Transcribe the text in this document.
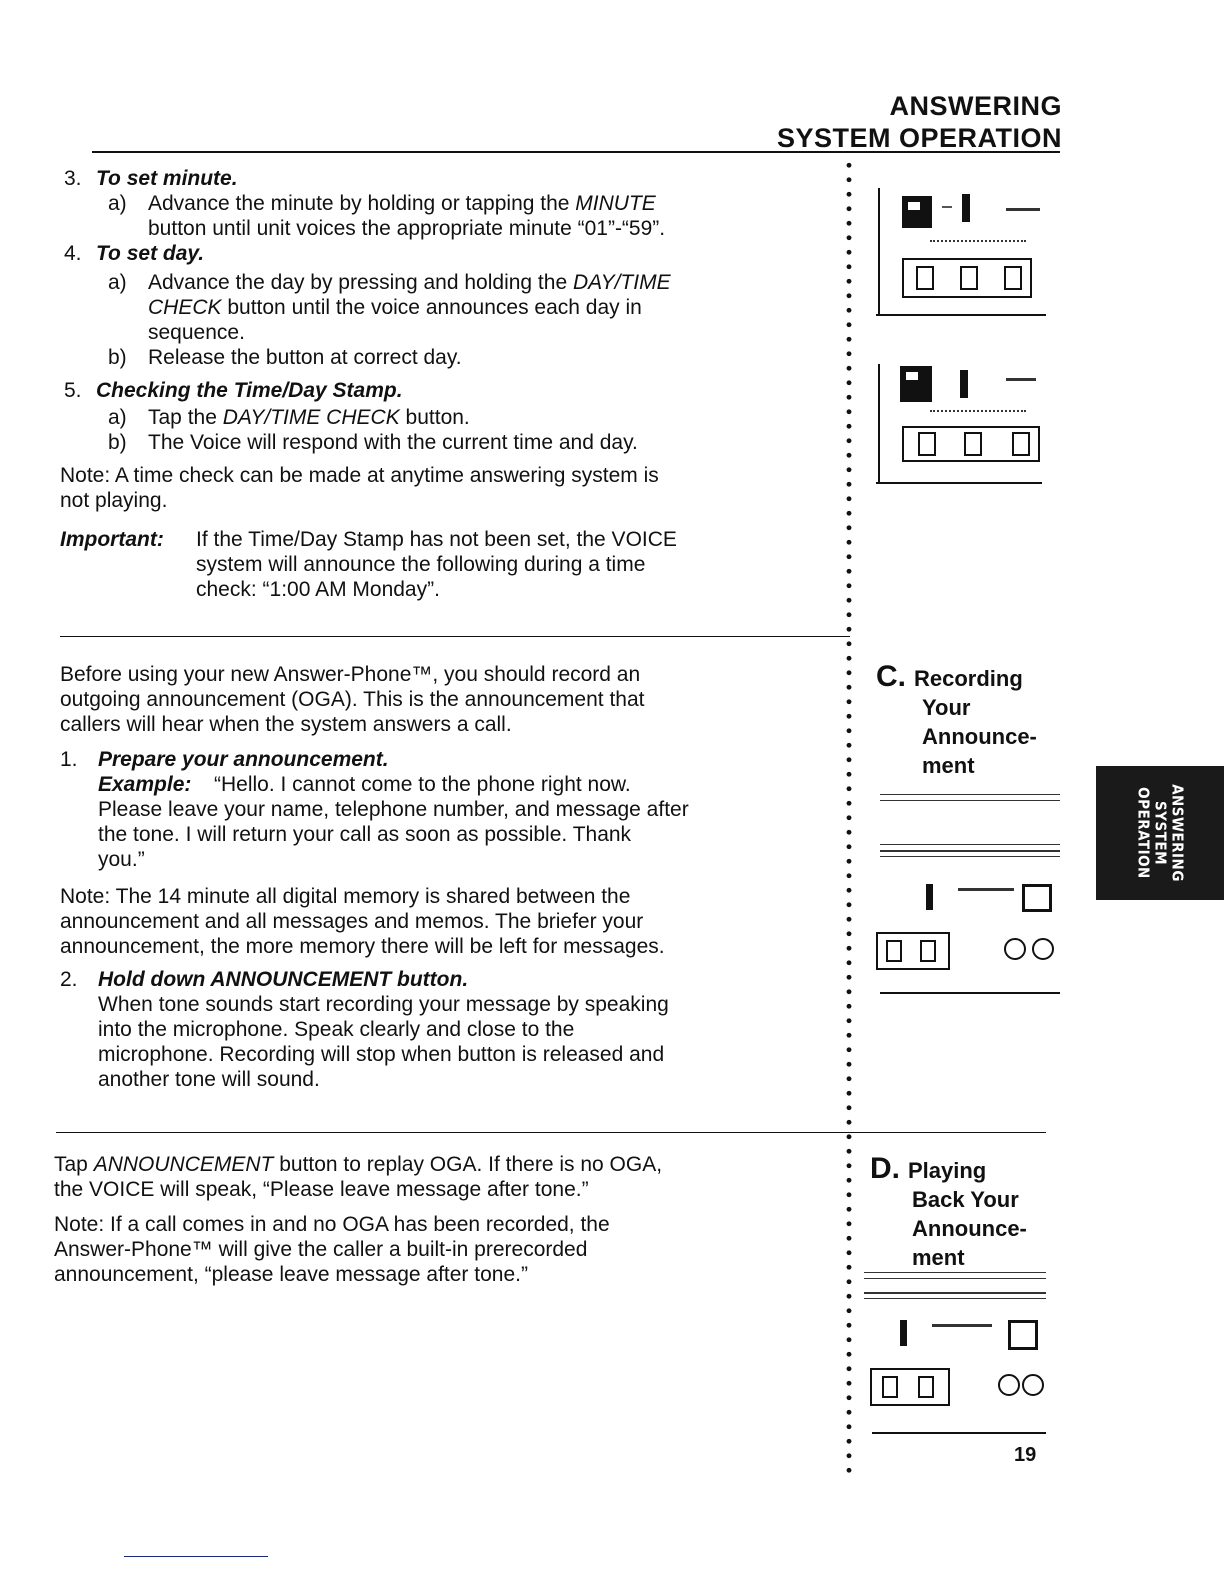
ANSWERING
SYSTEM OPERATION
3. To set minute.
a) Advance the minute by holding or tapping the MINUTE
button until unit voices the appropriate minute “01”-“59”.
4. To set day.
a) Advance the day by pressing and holding the DAY/TIME
CHECK button until the voice announces each day in
sequence.
b) Release the button at correct day.
5. Checking the Time/Day Stamp.
a) Tap the DAY/TIME CHECK button.
b) The Voice will respond with the current time and day.
Note: A time check can be made at anytime answering system is
not playing.
Important: If the Time/Day Stamp has not been set, the VOICE
system will announce the following during a time
check: “1:00 AM Monday”.
Before using your new Answer-Phone™, you should record an
outgoing announcement (OGA). This is the announcement that
callers will hear when the system answers a call.
1. Prepare your announcement.
Example: “Hello. I cannot come to the phone right now.
Please leave your name, telephone number, and message after
the tone. I will return your call as soon as possible. Thank
you.”
Note: The 14 minute all digital memory is shared between the
announcement and all messages and memos. The briefer your
announcement, the more memory there will be left for messages.
2. Hold down ANNOUNCEMENT button.
When tone sounds start recording your message by speaking
into the microphone. Speak clearly and close to the
microphone. Recording will stop when button is released and
another tone will sound.
Tap ANNOUNCEMENT button to replay OGA. If there is no OGA,
the VOICE will speak, “Please leave message after tone.”
Note: If a call comes in and no OGA has been recorded, the
Answer-Phone™ will give the caller a built-in prerecorded
announcement, “please leave message after tone.”
C. Recording
Your
Announce-
ment
D. Playing
Back Your
Announce-
ment
ANSWERING
SYSTEM
OPERATION
19
